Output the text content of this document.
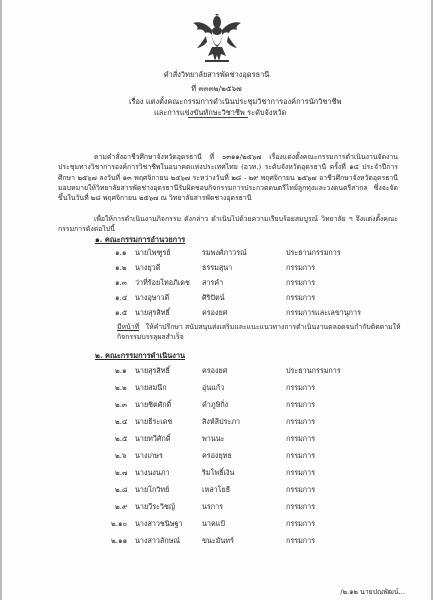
คำสั่งวิทยาลัยสารพัดช่างอุดรธานี
ที่ ๓๓๓๒/๒๕๖๗
เรื่อง แต่งตั้งคณะกรรมการดำเนินประชุมวิชาการองค์การนักวิชาชีพ
และการแข่งขันทักษะวิชาชีพ ระดับจังหวัด
ตามคำสั่งอาชีวศึกษาจังหวัดอุดรธานี ที่ ๐๓๑๑/๒๕๖๗ เรื่องแต่งตั้งคณะกรรมการดำเนินงานจัดงานประชุมทางวิชาการองค์การวิชาชีพในอนาคตแห่งประเทศไทย (อวท.) ระดับจังหวัดอุดรธานี ครั้งที่ ๑๔ ประจำปีการศึกษา ๒๕๖๗ ลงวันที่ ๑๓ พฤศจิกายน ๒๕๖๗ ระหว่างวันที่ ๒๘ - ๒๙ พฤศจิกายน ๒๕๖๗ อาชีวศึกษาจังหวัดอุดรธานี มอบหมายให้วิทยาลัยสารพัดช่างอุดรธานีรับผิดชอบกิจกรรมการประกวดดนตรีไทย์ลูกทุ่งและวงดนตรีสากล ซึ่งจะจัดขึ้นในวันที่ ๒๘ พฤศจิกายน ๒๕๖๗ ณ วิทยาลัยสารพัดช่างอุดรธานี
เพื่อให้การดำเนินงานกิจกรรม ดังกล่าว ดำเนินไปด้วยความเรียบร้อยสมบูรณ์ วิทยาลัย ฯ จึงแต่งตั้งคณะกรรมการดังต่อไปนี้
๑. คณะกรรมการอำนวยการ
๑.๑ นายไพฑูรย์	รมพงศ์ภาวรณ์	ประธานกรรมการ
๑.๒ นางยุวดี	ธรรมสุนา	กรรมการ
๑.๓ ว่าที่ร้อยโทอภิเดช สารคำ	กรรมการ
๑.๔ นางอุษาวดี	ศิริปัตน์	กรรมการ
๑.๕ นายสุรสิทธิ์	ครองยศ	กรรมการและเลขานุการ
มีหน้าที่ ให้คำปรึกษา สนับสนุนส่งเสริมและแนะแนวทางการดำเนินงานตลอดจนกำกับติดตามให้กิจกรรมบรรลุผลสำเร็จ
๒. คณะกรรมการดำเนินงาน
๒.๑ นายสุรสิทธิ์	ครองยศ	ประธานกรรมการ
๒.๒ นายสมนึก	อุ่นแก้ว	กรรมการ
๒.๓ นายชิตศักดิ์	คำภูษิกิ่ง	กรรมการ
๒.๔ นายธีระเดช	สิงห์ลีประภา	กรรมการ
๒.๕ นายทวีศักดิ์	พานนะ	กรรมการ
๒.๖ นางเกษร	ครองยุทธ	กรรมการ
๒.๗ นางนงนภา	ริมโพธิ์เงิน	กรรมการ
๒.๘ นายโกวิทย์	เหล่าโยธี	กรรมการ
๒.๙ นายวีระวิชญ์	นรการ	กรรมการ
๒.๑๐ นางสาวชนิษฐา	นาคแป้	กรรมการ
๒.๑๑ นางสาวลักษณ์	ขนะมันทร์	กรรมการ
/๒.๑๒ นายปณพัฒน์...
